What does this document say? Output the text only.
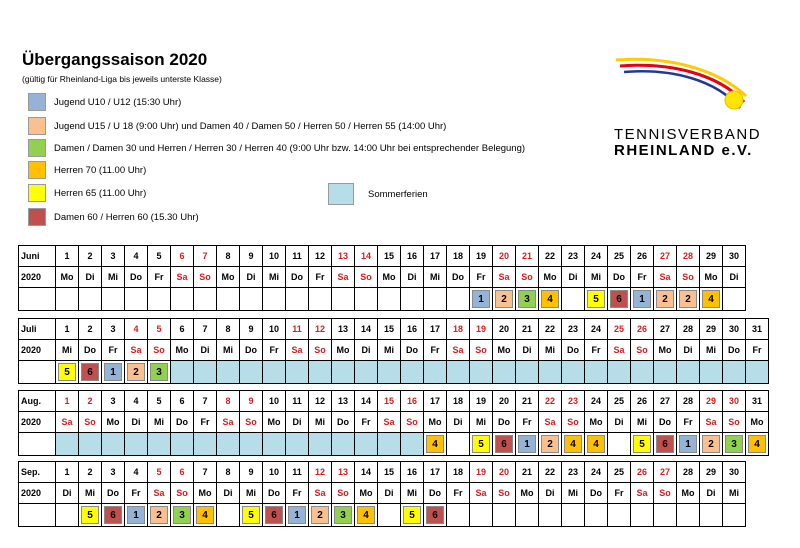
Übergangssaison 2020
(gültig für Rheinland-Liga bis jeweils unterste Klasse)
Jugend U10 / U12 (15:30 Uhr)
Jugend U15 / U 18 (9:00 Uhr) und Damen 40 / Damen 50 / Herren 50 / Herren 55 (14:00 Uhr)
Damen / Damen 30 und Herren / Herren 30 / Herren 40 (9:00 Uhr bzw. 14:00 Uhr bei entsprechender Belegung)
Herren 70 (11.00 Uhr)
Herren 65 (11.00 Uhr)
Damen 60 / Herren 60 (15.30 Uhr)
Sommerferien
TENNISVERBAND
RHEINLAND e.V.
Juni	1	2	3	4	5	6	7	8	9	10	11	12	13	14	15	16	17	18	19	20	21	22	23	24	25	26	27	28	29	30
2020	Mo	Di	Mi	Do	Fr	Sa	So	Mo	Di	Mi	Do	Fr	Sa	So	Mo	Di	Mi	Do	Fr	Sa	So	Mo	Di	Mi	Do	Fr	Sa	So	Mo	Di

																			1	2	3	4		5	6	1	2	2	4	

Juli	1	2	3	4	5	6	7	8	9	10	11	12	13	14	15	16	17	18	19	20	21	22	23	24	25	26	27	28	29	30	31
2020	Mi	Do	Fr	Sa	So	Mo	Di	Mi	Do	Fr	Sa	So	Mo	Di	Mi	Do	Fr	Sa	So	Mo	Di	Mi	Do	Fr	Sa	So	Mo	Di	Mi	Do	Fr

	5	6	1	2	3																										

Aug.	1	2	3	4	5	6	7	8	9	10	11	12	13	14	15	16	17	18	19	20	21	22	23	24	25	26	27	28	29	30	31
2020	Sa	So	Mo	Di	Mi	Do	Fr	Sa	So	Mo	Di	Mi	Do	Fr	Sa	So	Mo	Di	Mi	Do	Fr	Sa	So	Mo	Di	Mi	Do	Fr	Sa	So	Mo

																	4		5	6	1	2	4	4		5	6	1	2	3	4
Sep.	1	2	3	4	5	6	7	8	9	10	11	12	13	14	15	16	17	18	19	20	21	22	23	24	25	26	27	28	29	30
2020	Di	Mi	Do	Fr	Sa	So	Mo	Di	Mi	Do	Fr	Sa	So	Mo	Di	Mi	Do	Fr	Sa	So	Mo	Di	Mi	Do	Fr	Sa	So	Mo	Di	Mi

		5	6	1	2	3	4		5	6	1	2	3	4		5	6													
